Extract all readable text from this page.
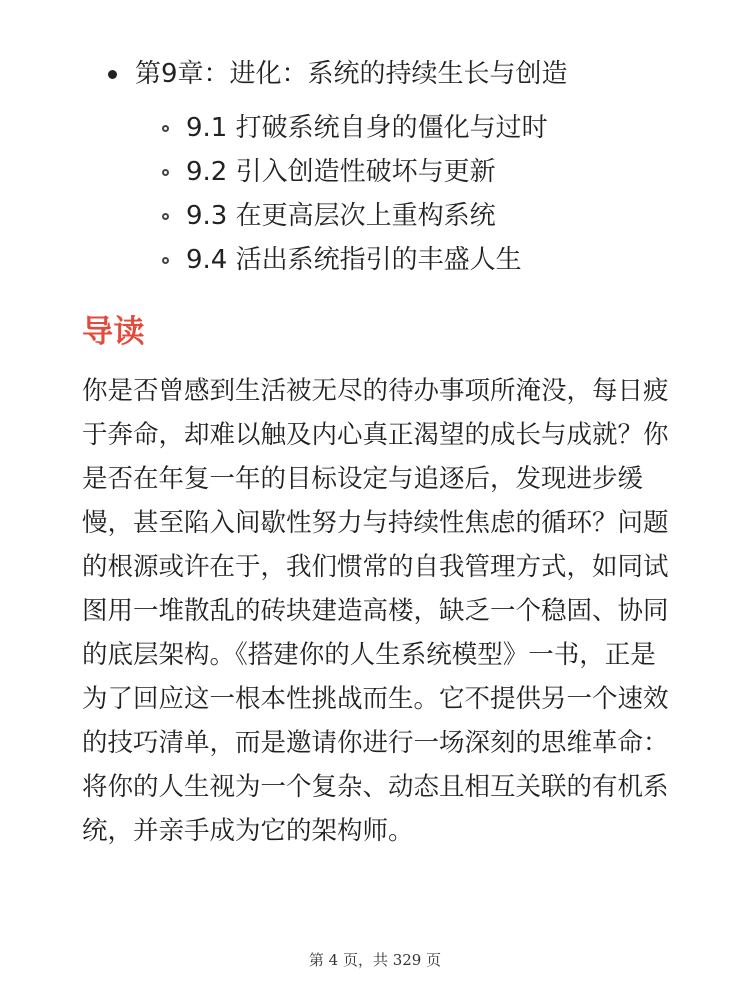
第9章：进化：系统的持续生长与创造
9.1 打破系统自身的僵化与过时
9.2 引入创造性破坏与更新
9.3 在更高层次上重构系统
9.4 活出系统指引的丰盛人生
导读
你是否曾感到生活被无尽的待办事项所淹没，每日疲于奔命，却难以触及内心真正渴望的成长与成就？你是否在年复一年的目标设定与追逐后，发现进步缓慢，甚至陷入间歇性努力与持续性焦虑的循环？问题的根源或许在于，我们惯常的自我管理方式，如同试图用一堆散乱的砖块建造高楼，缺乏一个稳固、协同的底层架构。《搭建你的人生系统模型》一书，正是为了回应这一根本性挑战而生。它不提供另一个速效的技巧清单，而是邀请你进行一场深刻的思维革命：将你的人生视为一个复杂、动态且相互关联的有机系统，并亲手成为它的架构师。
第 4 页，共 329 页
